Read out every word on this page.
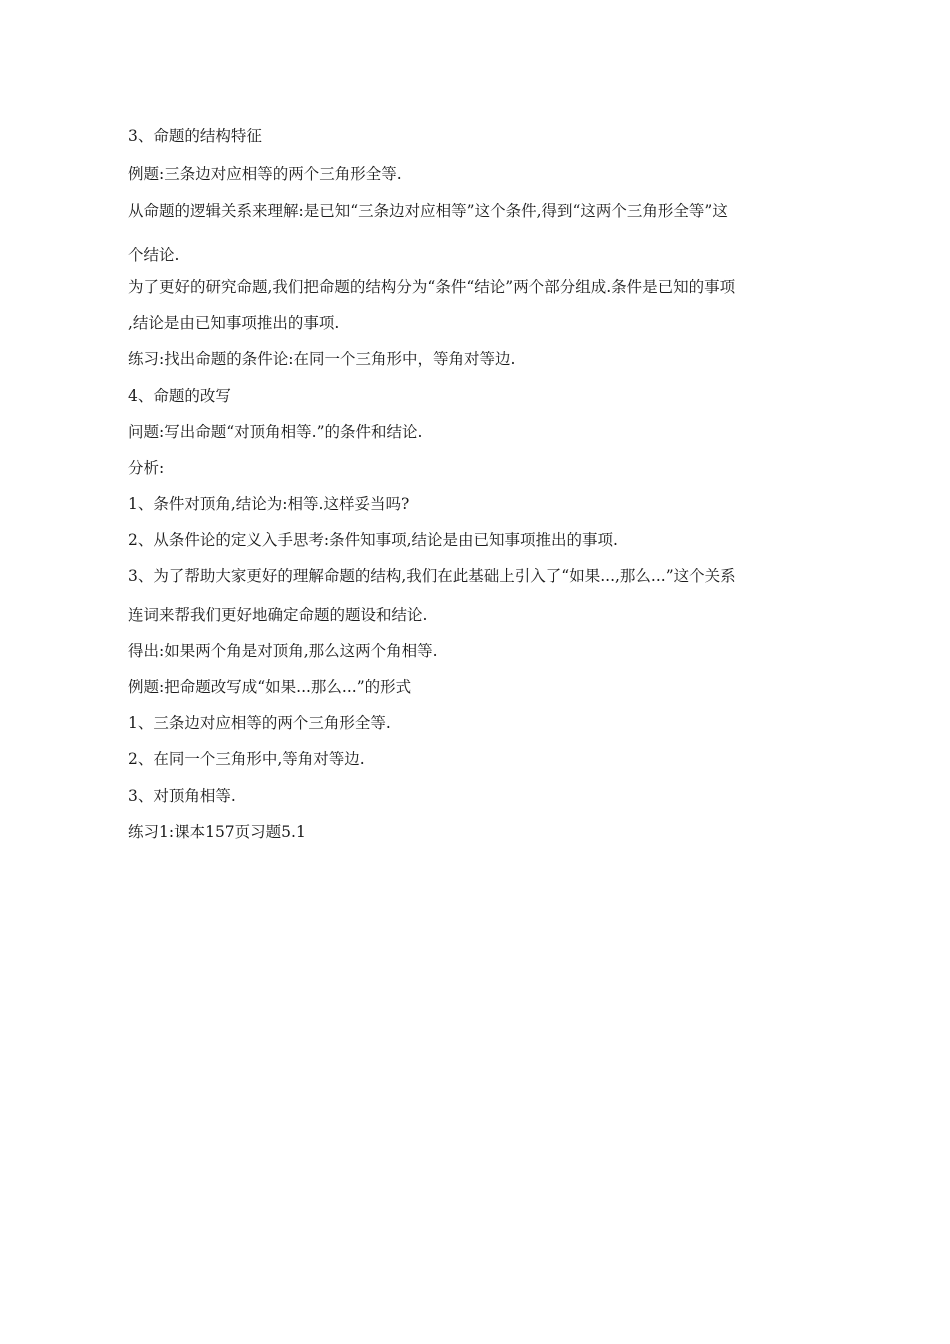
3、命题的结构特征
例题:三条边对应相等的两个三角形全等.
从命题的逻辑关系来理解:是已知“三条边对应相等”这个条件,得到“这两个三角形全等”这
个结论.
为了更好的研究命题,我们把命题的结构分为“条件“结论”两个部分组成.条件是已知的事项
,结论是由已知事项推出的事项.
练习:找出命题的条件论:在同一个三角形中，等角对等边.
4、命题的改写
问题:写出命题“对顶角相等.”的条件和结论.
分析:
1、条件对顶角,结论为:相等.这样妥当吗?
2、从条件论的定义入手思考:条件知事项,结论是由已知事项推出的事项.
3、为了帮助大家更好的理解命题的结构,我们在此基础上引入了“如果...,那么...”这个关系
连词来帮我们更好地确定命题的题设和结论.
得出:如果两个角是对顶角,那么这两个角相等.
例题:把命题改写成“如果...那么...”的形式
1、三条边对应相等的两个三角形全等.
2、在同一个三角形中,等角对等边.
3、对顶角相等.
练习1:课本157页习题5.1
